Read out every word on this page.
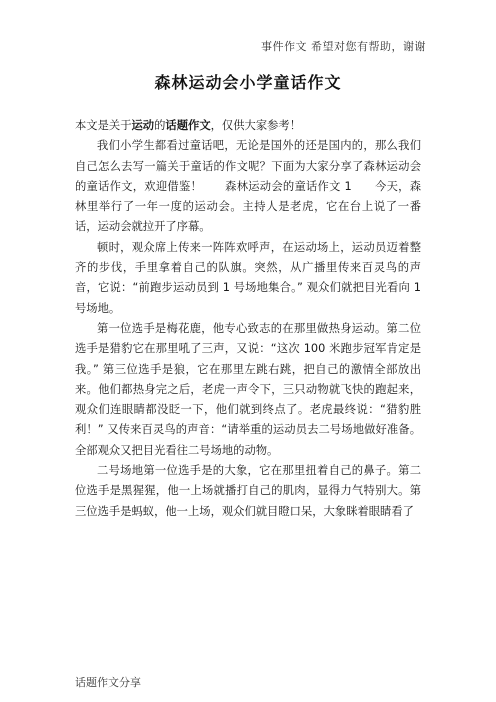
事件作文 希望对您有帮助，谢谢
森林运动会小学童话作文

本文是关于运动的话题作文，仅供大家参考！

我们小学生都看过童话吧，无论是国外的还是国内的，那么我们自己怎么去写一篇关于童话的作文呢？下面为大家分享了森林运动会的童话作文，欢迎借鉴！　　森林运动会的童话作文 1　　今天，森林里举行了一年一度的运动会。主持人是老虎，它在台上说了一番话，运动会就拉开了序幕。

顿时，观众席上传来一阵阵欢呼声，在运动场上，运动员迈着整齐的步伐，手里拿着自己的队旗。突然，从广播里传来百灵鸟的声音，它说：“前跑步运动员到 1 号场地集合。” 观众们就把目光看向 1 号场地。

第一位选手是梅花鹿，他专心致志的在那里做热身运动。第二位选手是猎豹它在那里吼了三声，又说：“这次 100 米跑步冠军肯定是我。” 第三位选手是狼，它在那里左跳右跳，把自己的激情全部放出来。他们都热身完之后，老虎一声令下，三只动物就飞快的跑起来，观众们连眼睛都没眨一下，他们就到终点了。老虎最终说：“猎豹胜利！” 又传来百灵鸟的声音：“请举重的运动员去二号场地做好准备。全部观众又把目光看往二号场地的动物。

二号场地第一位选手是的大象，它在那里扭着自己的鼻子。第二位选手是黑猩猩，他一上场就播打自己的肌肉，显得力气特别大。第三位选手是蚂蚁，他一上场，观众们就目瞪口呆，大象眯着眼睛看了

话题作文分享
